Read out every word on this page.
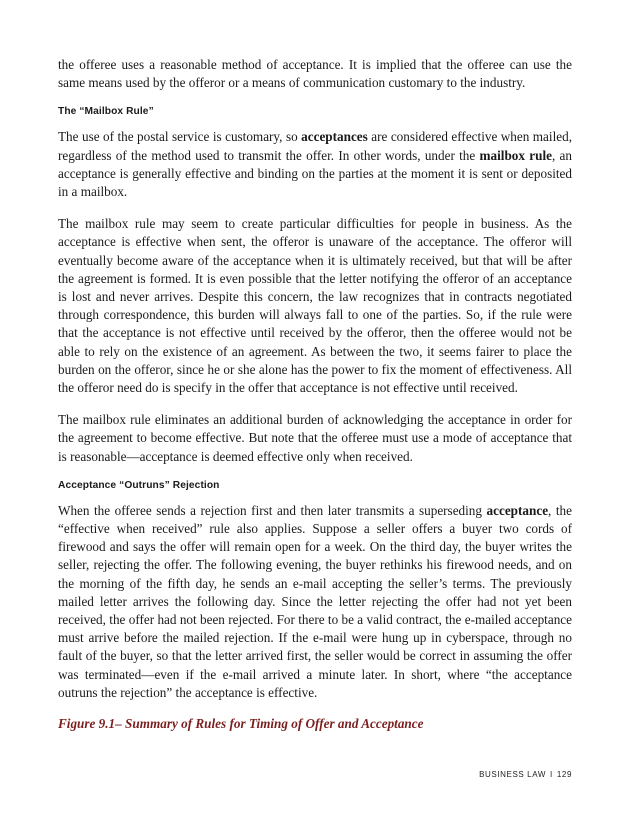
the offeree uses a reasonable method of acceptance. It is implied that the offeree can use the same means used by the offeror or a means of communication customary to the industry.

The “Mailbox Rule”

The use of the postal service is customary, so acceptances are considered effective when mailed, regardless of the method used to transmit the offer. In other words, under the mailbox rule, an acceptance is generally effective and binding on the parties at the moment it is sent or deposited in a mailbox.

The mailbox rule may seem to create particular difficulties for people in business. As the acceptance is effective when sent, the offeror is unaware of the acceptance. The offeror will eventually become aware of the acceptance when it is ultimately received, but that will be after the agreement is formed. It is even possible that the letter notifying the offeror of an acceptance is lost and never arrives. Despite this concern, the law recognizes that in contracts negotiated through correspondence, this burden will always fall to one of the parties. So, if the rule were that the acceptance is not effective until received by the offeror, then the offeree would not be able to rely on the existence of an agreement. As between the two, it seems fairer to place the burden on the offeror, since he or she alone has the power to fix the moment of effectiveness. All the offeror need do is specify in the offer that acceptance is not effective until received.

The mailbox rule eliminates an additional burden of acknowledging the acceptance in order for the agreement to become effective. But note that the offeree must use a mode of acceptance that is reasonable—acceptance is deemed effective only when received.

Acceptance “Outruns” Rejection

When the offeree sends a rejection first and then later transmits a superseding acceptance, the “effective when received” rule also applies. Suppose a seller offers a buyer two cords of firewood and says the offer will remain open for a week. On the third day, the buyer writes the seller, rejecting the offer. The following evening, the buyer rethinks his firewood needs, and on the morning of the fifth day, he sends an e-mail accepting the seller’s terms. The previously mailed letter arrives the following day. Since the letter rejecting the offer had not yet been received, the offer had not been rejected. For there to be a valid contract, the e-mailed acceptance must arrive before the mailed rejection. If the e-mail were hung up in cyberspace, through no fault of the buyer, so that the letter arrived first, the seller would be correct in assuming the offer was terminated—even if the e-mail arrived a minute later. In short, where “the acceptance outruns the rejection” the acceptance is effective.

Figure 9.1– Summary of Rules for Timing of Offer and Acceptance

BUSINESS LAW I 129
